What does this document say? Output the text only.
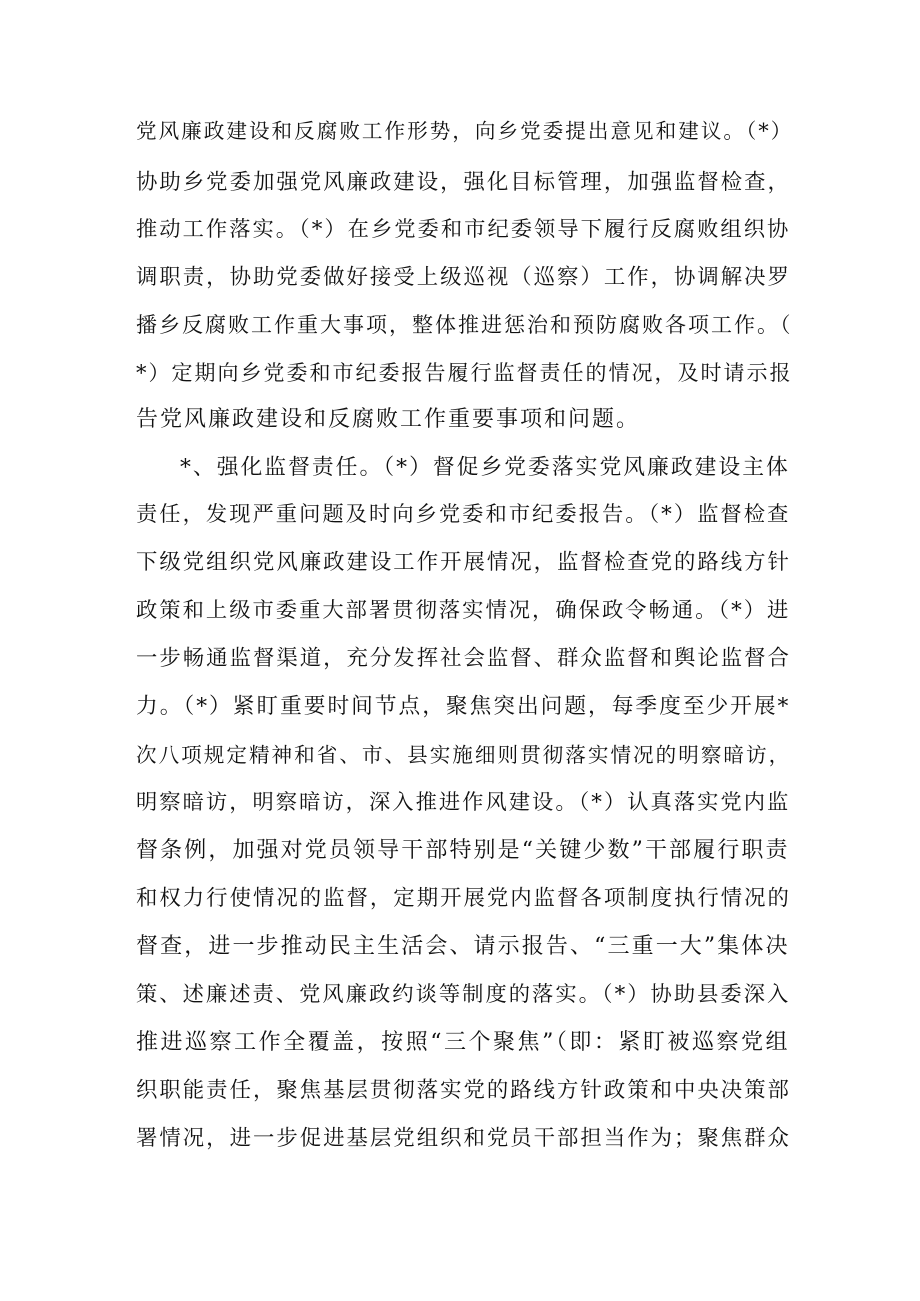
党风廉政建设和反腐败工作形势，向乡党委提出意见和建议。（*）
协助乡党委加强党风廉政建设，强化目标管理，加强监督检查，
推动工作落实。（*）在乡党委和市纪委领导下履行反腐败组织协
调职责，协助党委做好接受上级巡视（巡察）工作，协调解决罗
播乡反腐败工作重大事项，整体推进惩治和预防腐败各项工作。（
*）定期向乡党委和市纪委报告履行监督责任的情况，及时请示报
告党风廉政建设和反腐败工作重要事项和问题。
*、强化监督责任。（*）督促乡党委落实党风廉政建设主体
责任，发现严重问题及时向乡党委和市纪委报告。（*）监督检查
下级党组织党风廉政建设工作开展情况，监督检查党的路线方针
政策和上级市委重大部署贯彻落实情况，确保政令畅通。（*）进
一步畅通监督渠道，充分发挥社会监督、群众监督和舆论监督合
力。（*）紧盯重要时间节点，聚焦突出问题，每季度至少开展*
次八项规定精神和省、市、县实施细则贯彻落实情况的明察暗访，
明察暗访，明察暗访，深入推进作风建设。（*）认真落实党内监
督条例，加强对党员领导干部特别是“关键少数”干部履行职责
和权力行使情况的监督，定期开展党内监督各项制度执行情况的
督查，进一步推动民主生活会、请示报告、“三重一大”集体决
策、述廉述责、党风廉政约谈等制度的落实。（*）协助县委深入
推进巡察工作全覆盖，按照“三个聚焦”（即：紧盯被巡察党组
织职能责任，聚焦基层贯彻落实党的路线方针政策和中央决策部
署情况，进一步促进基层党组织和党员干部担当作为；聚焦群众
